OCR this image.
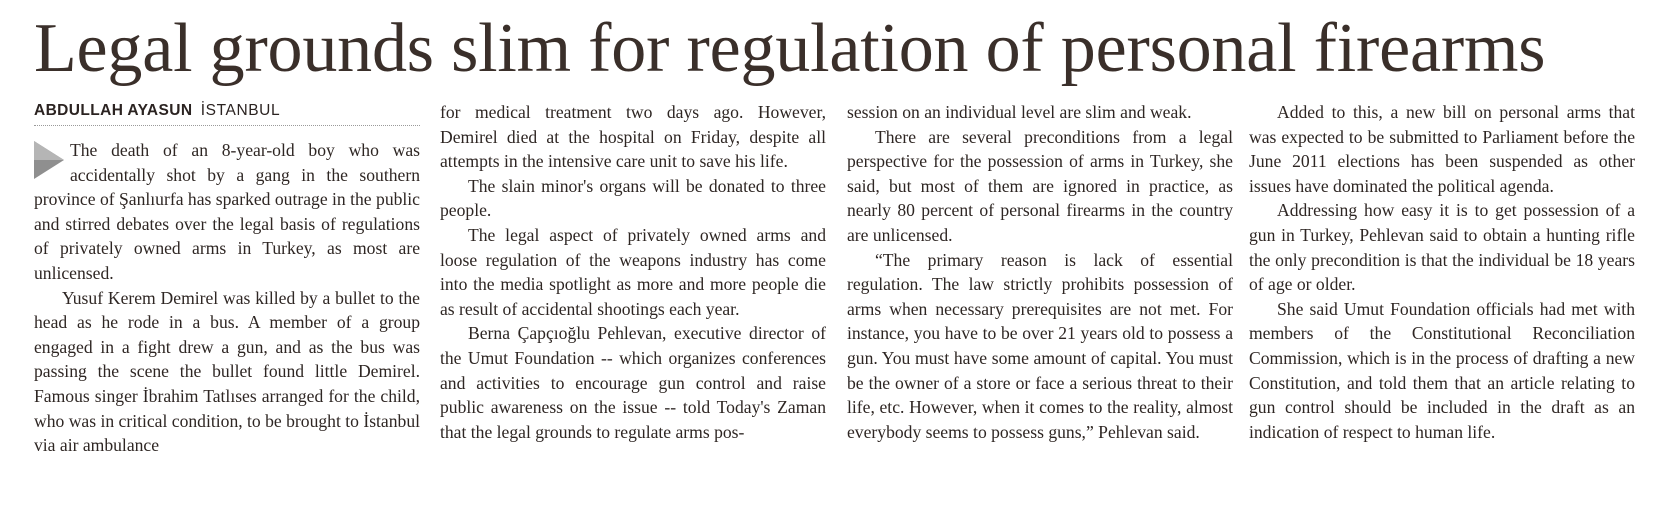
Legal grounds slim for regulation of personal firearms
ABDULLAH AYASUN İSTANBUL

The death of an 8-year-old boy who was accidentally shot by a gang in the southern province of Şanlıurfa has sparked outrage in the public and stirred debates over the legal basis of regulations of privately owned arms in Turkey, as most are unlicensed.

Yusuf Kerem Demirel was killed by a bullet to the head as he rode in a bus. A member of a group engaged in a fight drew a gun, and as the bus was passing the scene the bullet found little Demirel. Famous singer İbrahim Tatlıses arranged for the child, who was in critical condition, to be brought to İstanbul via air ambulance

for medical treatment two days ago. However, Demirel died at the hospital on Friday, despite all attempts in the intensive care unit to save his life.

The slain minor's organs will be donated to three people.

The legal aspect of privately owned arms and loose regulation of the weapons industry has come into the media spotlight as more and more people die as result of accidental shootings each year.

Berna Çapçıoğlu Pehlevan, executive director of the Umut Foundation -- which organizes conferences and activities to encourage gun control and raise public awareness on the issue -- told Today's Zaman that the legal grounds to regulate arms pos-

session on an individual level are slim and weak.

There are several preconditions from a legal perspective for the possession of arms in Turkey, she said, but most of them are ignored in practice, as nearly 80 percent of personal firearms in the country are unlicensed.

“The primary reason is lack of essential regulation. The law strictly prohibits possession of arms when necessary prerequisites are not met. For instance, you have to be over 21 years old to possess a gun. You must have some amount of capital. You must be the owner of a store or face a serious threat to their life, etc. However, when it comes to the reality, almost everybody seems to possess guns,” Pehlevan said.

Added to this, a new bill on personal arms that was expected to be submitted to Parliament before the June 2011 elections has been suspended as other issues have dominated the political agenda.

Addressing how easy it is to get possession of a gun in Turkey, Pehlevan said to obtain a hunting rifle the only precondition is that the individual be 18 years of age or older.

She said Umut Foundation officials had met with members of the Constitutional Reconciliation Commission, which is in the process of drafting a new Constitution, and told them that an article relating to gun control should be included in the draft as an indication of respect to human life.
